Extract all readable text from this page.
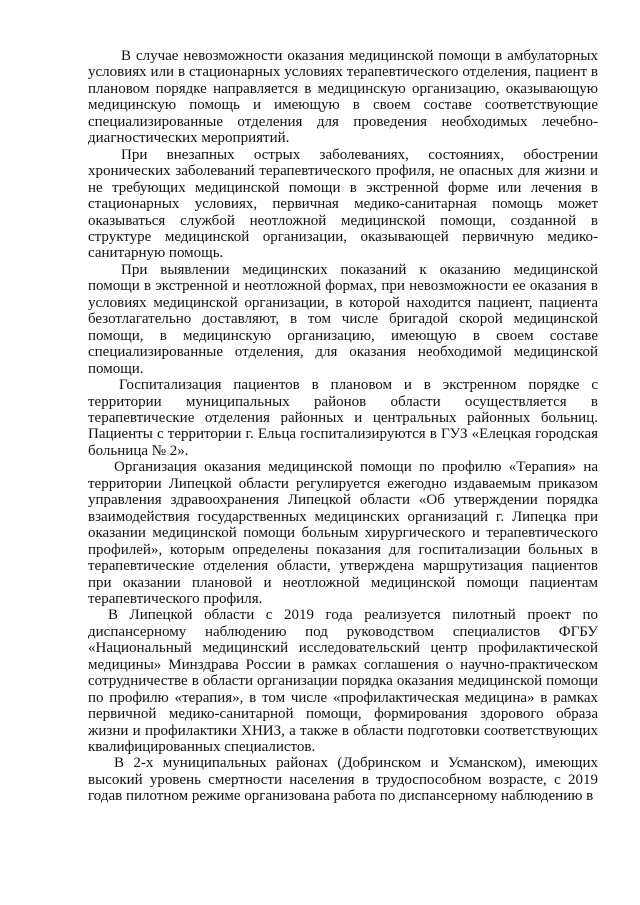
В случае невозможности оказания медицинской помощи в амбулаторных условиях или в стационарных условиях терапевтического отделения, пациент в плановом порядке направляется в медицинскую организацию, оказывающую медицинскую помощь и имеющую в своем составе соответствующие специализированные отделения для проведения необходимых лечебно-диагностических мероприятий.

При внезапных острых заболеваниях, состояниях, обострении хронических заболеваний терапевтического профиля, не опасных для жизни и не требующих медицинской помощи в экстренной форме или лечения в стационарных условиях, первичная медико-санитарная помощь может оказываться службой неотложной медицинской помощи, созданной в структуре медицинской организации, оказывающей первичную медико-санитарную помощь.

При выявлении медицинских показаний к оказанию медицинской помощи в экстренной и неотложной формах, при невозможности ее оказания в условиях медицинской организации, в которой находится пациент, пациента безотлагательно доставляют, в том числе бригадой скорой медицинской помощи, в медицинскую организацию, имеющую в своем составе специализированные отделения, для оказания необходимой медицинской помощи.

Госпитализация пациентов в плановом и в экстренном порядке с территории муниципальных районов области осуществляется в терапевтические отделения районных и центральных районных больниц. Пациенты с территории г. Ельца госпитализируются в ГУЗ «Елецкая городская больница № 2».

Организация оказания медицинской помощи по профилю «Терапия» на территории Липецкой области регулируется ежегодно издаваемым приказом управления здравоохранения Липецкой области «Об утверждении порядка взаимодействия государственных медицинских организаций г. Липецка при оказании медицинской помощи больным хирургического и терапевтического профилей», которым определены показания для госпитализации больных в терапевтические отделения области, утверждена маршрутизация пациентов при оказании плановой и неотложной медицинской помощи пациентам терапевтического профиля.

В Липецкой области с 2019 года реализуется пилотный проект по диспансерному наблюдению под руководством специалистов ФГБУ «Национальный медицинский исследовательский центр профилактической медицины» Минздрава России в рамках соглашения о научно-практическом сотрудничестве в области организации порядка оказания медицинской помощи по профилю «терапия», в том числе «профилактическая медицина» в рамках первичной медико-санитарной помощи, формирования здорового образа жизни и профилактики ХНИЗ, а также в области подготовки соответствующих квалифицированных специалистов.

В 2-х муниципальных районах (Добринском и Усманском), имеющих высокий уровень смертности населения в трудоспособном возрасте, с 2019 годав пилотном режиме организована работа по диспансерному наблюдению в
